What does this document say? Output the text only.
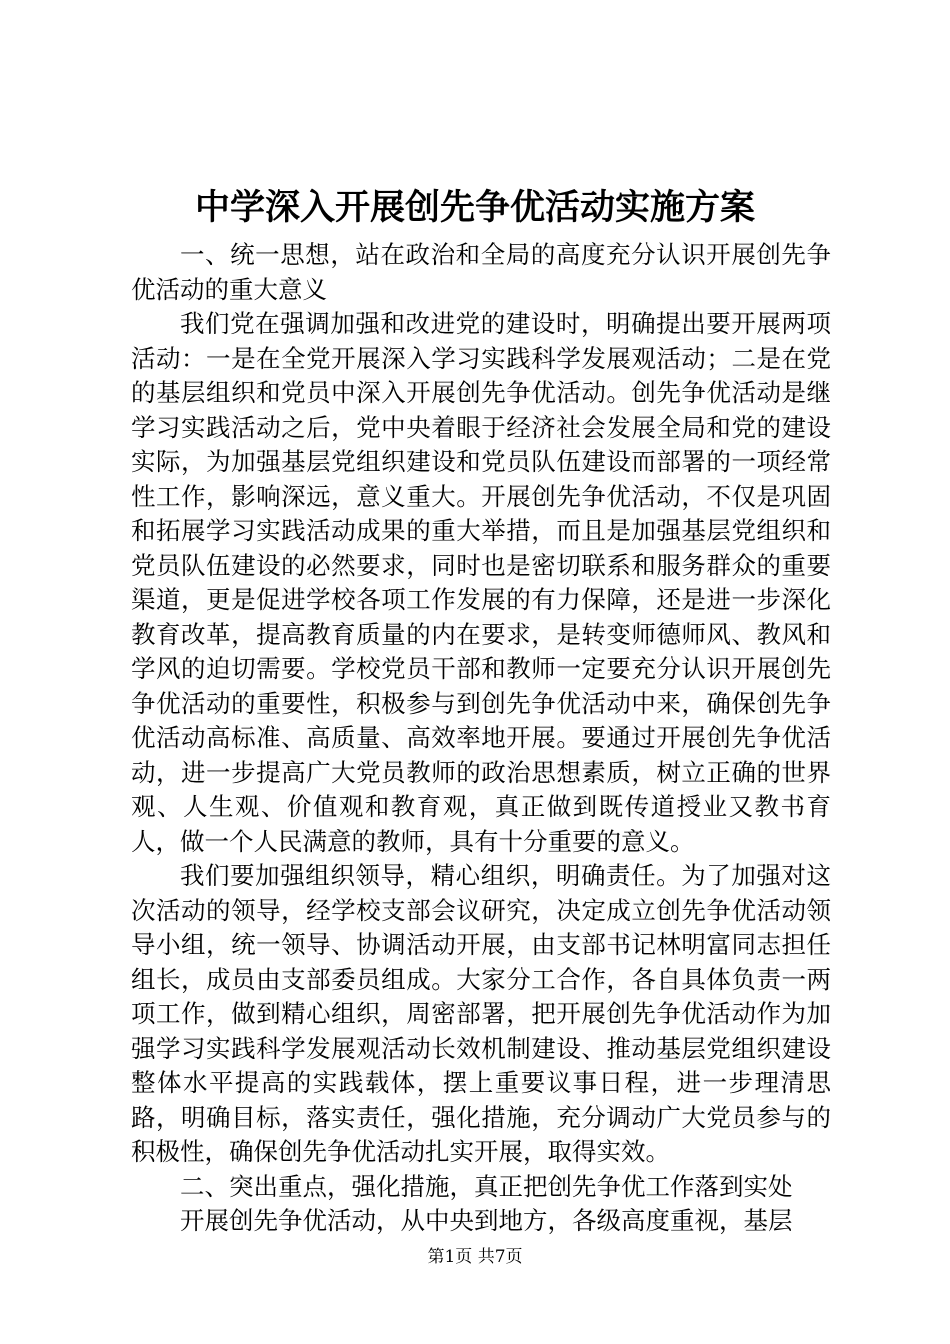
中学深入开展创先争优活动实施方案

一、统一思想，站在政治和全局的高度充分认识开展创先争优活动的重大意义

我们党在强调加强和改进党的建设时，明确提出要开展两项活动：一是在全党开展深入学习实践科学发展观活动；二是在党的基层组织和党员中深入开展创先争优活动。创先争优活动是继学习实践活动之后，党中央着眼于经济社会发展全局和党的建设实际，为加强基层党组织建设和党员队伍建设而部署的一项经常性工作，影响深远，意义重大。开展创先争优活动，不仅是巩固和拓展学习实践活动成果的重大举措，而且是加强基层党组织和党员队伍建设的必然要求，同时也是密切联系和服务群众的重要渠道，更是促进学校各项工作发展的有力保障，还是进一步深化教育改革，提高教育质量的内在要求，是转变师德师风、教风和学风的迫切需要。学校党员干部和教师一定要充分认识开展创先争优活动的重要性，积极参与到创先争优活动中来，确保创先争优活动高标准、高质量、高效率地开展。要通过开展创先争优活动，进一步提高广大党员教师的政治思想素质，树立正确的世界观、人生观、价值观和教育观，真正做到既传道授业又教书育人，做一个人民满意的教师，具有十分重要的意义。

我们要加强组织领导，精心组织，明确责任。为了加强对这次活动的领导，经学校支部会议研究，决定成立创先争优活动领导小组，统一领导、协调活动开展，由支部书记林明富同志担任组长，成员由支部委员组成。大家分工合作，各自具体负责一两项工作，做到精心组织，周密部署，把开展创先争优活动作为加强学习实践科学发展观活动长效机制建设、推动基层党组织建设整体水平提高的实践载体，摆上重要议事日程，进一步理清思路，明确目标，落实责任，强化措施，充分调动广大党员参与的积极性，确保创先争优活动扎实开展，取得实效。

二、突出重点，强化措施，真正把创先争优工作落到实处

开展创先争优活动，从中央到地方，各级高度重视，基层

第1页 共7页
